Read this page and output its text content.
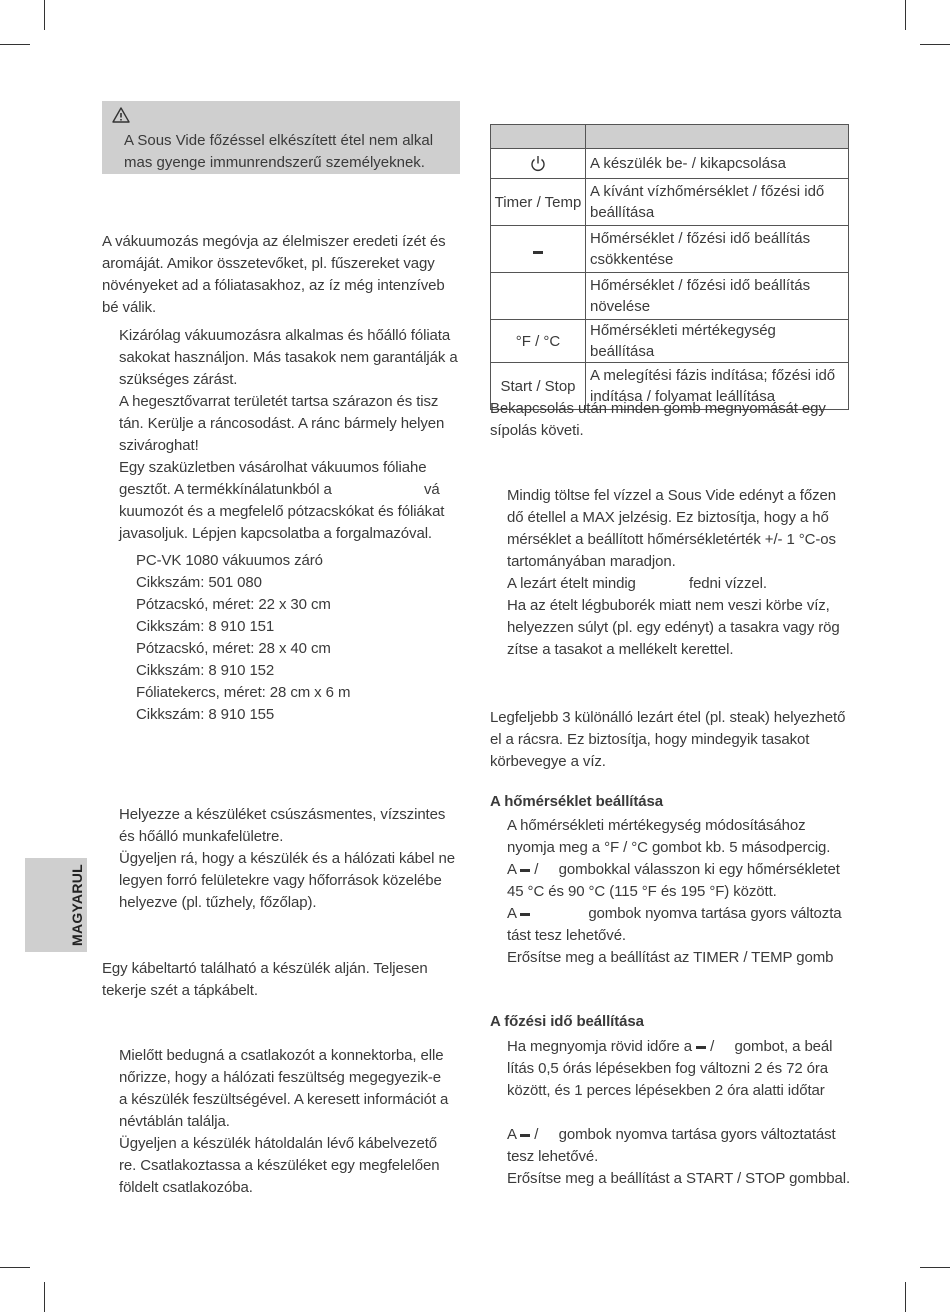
A Sous Vide főzéssel elkészített étel nem alkal
mas gyenge immunrendszerű személyeknek.
A vákuumozás megóvja az élelmiszer eredeti ízét és
aromáját. Amikor összetevőket, pl. fűszereket vagy
növényeket ad a fóliatasakhoz, az íz még intenzíveb
bé válik.
Kizárólag vákuumozásra alkalmas és hőálló fóliata
sakokat használjon. Más tasakok nem garantálják a
szükséges zárást.
A hegesztővarrat területét tartsa szárazon és tisz
tán. Kerülje a ráncosodást. A ránc bármely helyen
szivároghat!
Egy szaküzletben vásárolhat vákuumos fóliahe
gesztőt. A termékkínálatunkból a	vá
kuumozót és a megfelelő pótzacskókat és fóliákat
javasoljuk. Lépjen kapcsolatba a forgalmazóval.
PC-VK 1080 vákuumos záró
Cikkszám: 501 080
Pótzacskó, méret: 22 x 30 cm
Cikkszám: 8 910 151
Pótzacskó, méret: 28 x 40 cm
Cikkszám: 8 910 152
Fóliatekercs, méret: 28 cm x 6 m
Cikkszám: 8 910 155
Helyezze a készüléket csúszásmentes, vízszintes
és hőálló munkafelületre.
Ügyeljen rá, hogy a készülék és a hálózati kábel ne
legyen forró felületekre vagy hőforrások közelébe
helyezve (pl. tűzhely, főzőlap).
MAGYARUL
Egy kábeltartó található a készülék alján. Teljesen
tekerje szét a tápkábelt.
Mielőtt bedugná a csatlakozót a konnektorba, elle
nőrizze, hogy a hálózati feszültség megegyezik-e
a készülék feszültségével. A keresett információt a
névtáblán találja.
Ügyeljen a készülék hátoldalán lévő kábelvezető
re. Csatlakoztassa a készüléket egy megfelelően
földelt csatlakozóba.

A készülék be- / kikapcsolása

Timer / Temp	A kívánt vízhőmérséklet / főzési idő
beállítása

	Hőmérséklet / főzési idő beállítás
csökkentése

	Hőmérséklet / főzési idő beállítás
növelése

°F / °C	Hőmérsékleti mértékegység beállítása

Start / Stop	A melegítési fázis indítása; főzési idő
indítása / folyamat leállítása
Bekapcsolás után minden gomb megnyomását egy
sípolás követi.
Mindig töltse fel vízzel a Sous Vide edényt a főzen
dő étellel a MAX jelzésig. Ez biztosítja, hogy a hő
mérséklet a beállított hőmérsékletérték +/- 1 °C-os
tartományában maradjon.
A lezárt ételt mindig	fedni vízzel.
Ha az ételt légbuborék miatt nem veszi körbe víz,
helyezzen súlyt (pl. egy edényt) a tasakra vagy rög
zítse a tasakot a mellékelt kerettel.
Legfeljebb 3 különálló lezárt étel (pl. steak) helyezhető
el a rácsra. Ez biztosítja, hogy mindegyik tasakot
körbevegye a víz.
A hőmérséklet beállítása
A hőmérsékleti mértékegység módosításához
nyomja meg a °F / °C gombot kb. 5 másodpercig.
A /     gombokkal válasszon ki egy hőmérsékletet
45 °C és 90 °C (115 °F és 195 °F) között.
A	gombok nyomva tartása gyors változta
tást tesz lehetővé.
Erősítse meg a beállítást az TIMER / TEMP gomb
A főzési idő beállítása
Ha megnyomja rövid időre a /     gombot, a beál
lítás 0,5 órás lépésekben fog változni 2 és 72 óra
között, és 1 perces lépésekben 2 óra alatti időtar
A /     gombok nyomva tartása gyors változtatást
tesz lehetővé.
Erősítse meg a beállítást a START / STOP gombbal.
